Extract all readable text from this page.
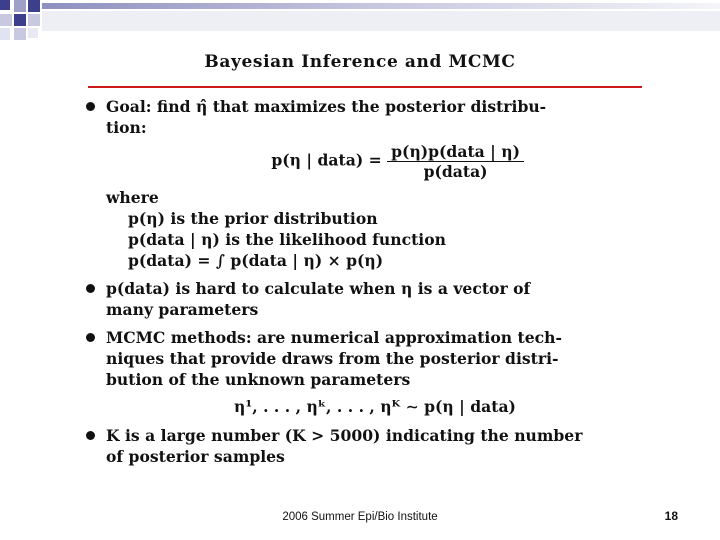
Bayesian Inference and MCMC

Goal: find η̂ that maximizes the posterior distribu-

tion:

p(η | data) = $\frac{\text{p(η)p(data | η)}}{\text{p(data)}}$

where

p(η) is the prior distribution

p(data | η) is the likelihood function

p(data) = ∫ p(data | η) × p(η)

p(data) is hard to calculate when η is a vector of

many parameters

MCMC methods: are numerical approximation tech-

niques that provide draws from the posterior distri-

bution of the unknown parameters

η¹, . . . , ηᵏ, . . . , ηᴷ ∼ p(η | data)

K is a large number (K > 5000) indicating the number

of posterior samples

2006 Summer Epi/Bio Institute	18
